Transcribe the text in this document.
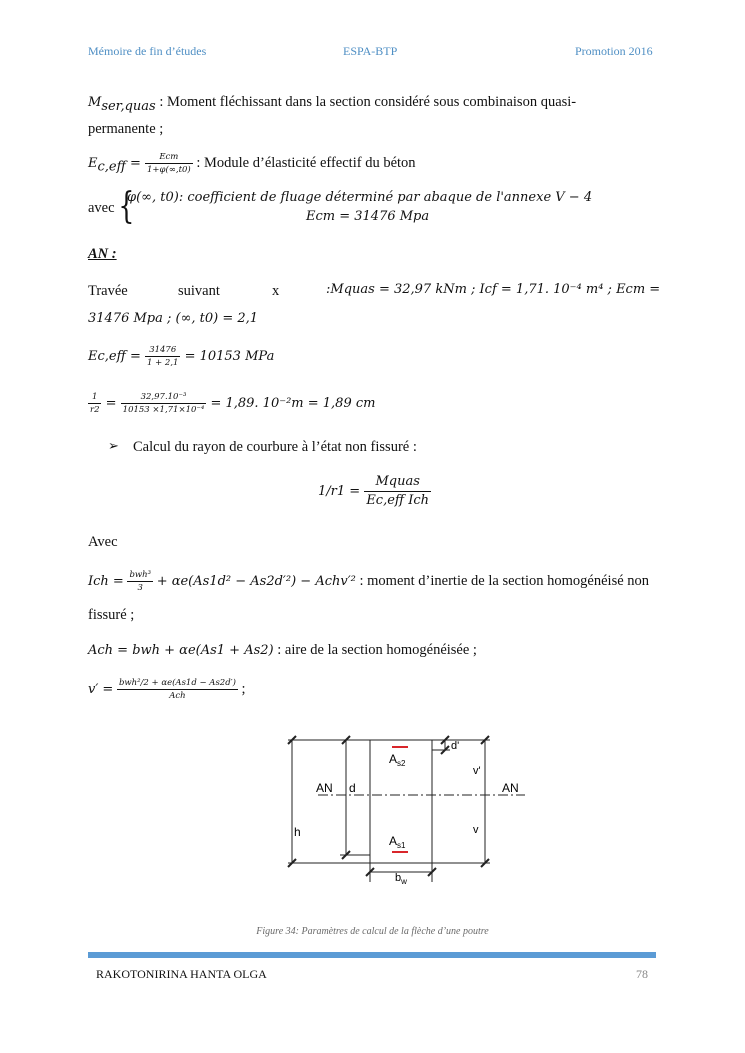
Mémoire de fin d’études	ESPA-BTP	Promotion 2016
$M_{ser,quas}$ : Moment fléchissant dans la section considéré sous combinaison quasi-
permanente ;
$E_{c,eff} = \frac{\text{Ecm}}{1+\varphi(\infty,t0)}$ : Module d’élasticité effectif du béton
avec {
φ(∞, t0): coefficient de fluage déterminé par abaque de l'annexe V − 4
Ecm = 31476 Mpa
AN :
Travée	suivant	x	:Mquas = 32,97 kNm ; Icf = 1,71. 10⁻⁴ m⁴ ; Ecm =
31476 Mpa ; (∞, t0) = 2,1
$Ec,eff = \frac{31476}{1 + 2,1} = 10153$ MPa
$\frac{1}{r2} = \frac{\text{32,97.10⁻³}}{\text{10153 ×1,71×10⁻⁴}} = 1,89$. 10⁻²m = 1,89 cm
➢ Calcul du rayon de courbure à l’état non fissuré :
$1/r1 = \frac{\text{Mquas}}{\text{Ec,eff Ich}}$
Avec
Ich = $\frac{\text{bwh³}}{3} + \alpha e(As1d^2 - As2d'^2)$ − Achv′² : moment d’inertie de la section homogénéisé non
fissuré ;
Ach = bwh + αe(As1 + As2) : aire de la section homogénéisée ;
$v' = \frac{\text{bwh²/2 + αe(As1d − As2d′)}}{\text{Ach}}$ ;
h
AN d
$A_{s2}$
$A_{s1}$
d'
v'
AN
v
$b_w$
Figure 34: Paramètres de calcul de la flèche d’une poutre
RAKOTONIRINA HANTA OLGA	78
